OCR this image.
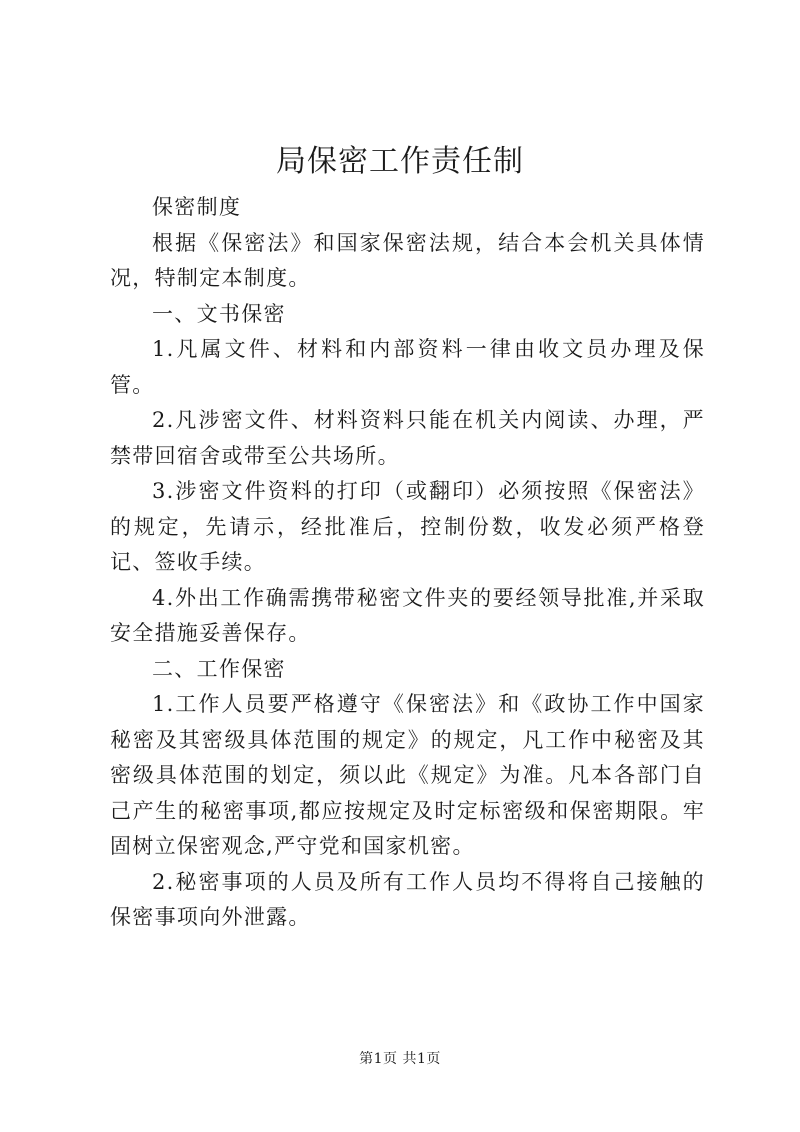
局保密工作责任制

保密制度

根据《保密法》和国家保密法规，结合本会机关具体情况，特制定本制度。

一、文书保密

1.凡属文件、材料和内部资料一律由收文员办理及保管。

2.凡涉密文件、材料资料只能在机关内阅读、办理，严禁带回宿舍或带至公共场所。

3.涉密文件资料的打印（或翻印）必须按照《保密法》的规定，先请示，经批准后，控制份数，收发必须严格登记、签收手续。

4.外出工作确需携带秘密文件夹的要经领导批准,并采取安全措施妥善保存。

二、工作保密

1.工作人员要严格遵守《保密法》和《政协工作中国家秘密及其密级具体范围的规定》的规定，凡工作中秘密及其密级具体范围的划定，须以此《规定》为准。凡本各部门自己产生的秘密事项,都应按规定及时定标密级和保密期限。牢固树立保密观念,严守党和国家机密。

2.秘密事项的人员及所有工作人员均不得将自己接触的保密事项向外泄露。

第1页 共1页
